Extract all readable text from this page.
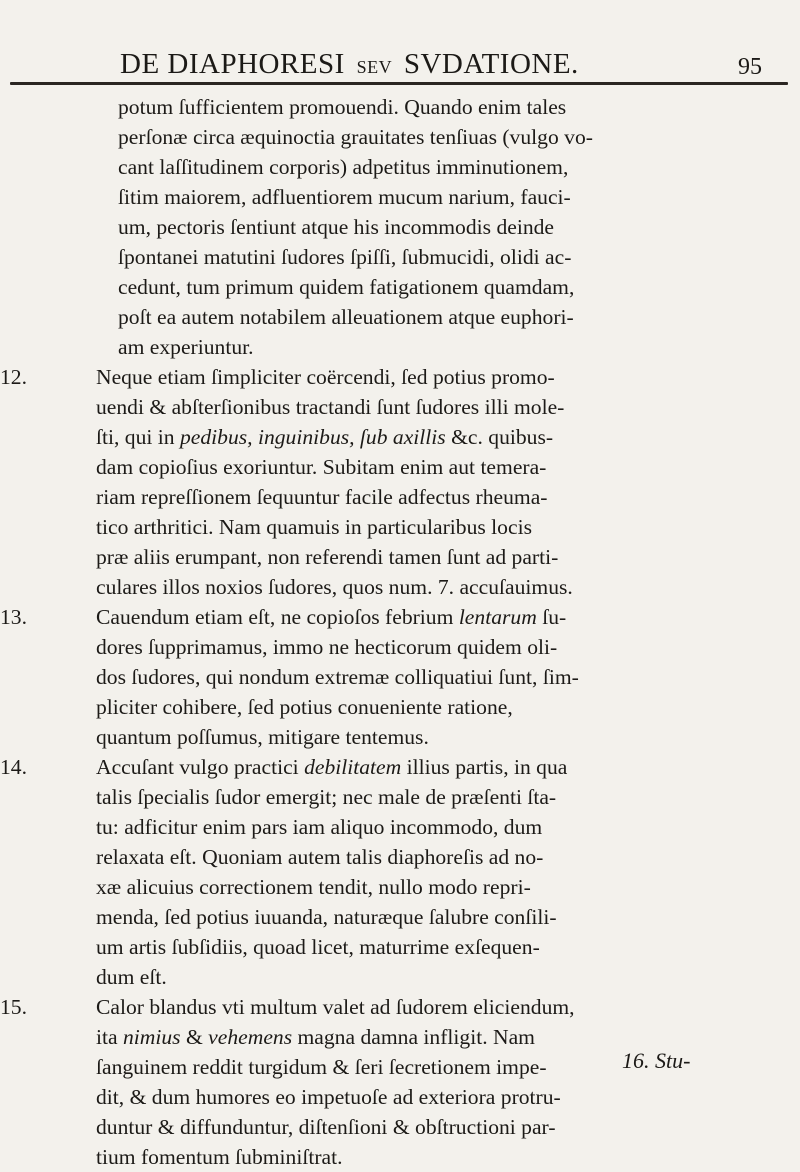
DE DIAPHORESI SEV SVDATIONE.	95
potum ſufficientem promouendi. Quando enim tales
perſonæ circa æquinoctia grauitates tenſiuas (vulgo vo-
cant laſſitudinem corporis) adpetitus imminutionem,
ſitim maiorem, adfluentiorem mucum narium, fauci-
um, pectoris ſentiunt atque his incommodis deinde
ſpontanei matutini ſudores ſpiſſi, ſubmucidi, olidi ac-
cedunt, tum primum quidem fatigationem quamdam,
poſt ea autem notabilem alleuationem atque euphori-
am experiuntur.
12.	Neque etiam ſimpliciter coërcendi, ſed potius promo-
uendi & abſterſionibus tractandi ſunt ſudores illi mole-
ſti, qui in pedibus, inguinibus, ſub axillis &c. quibus-
dam copioſius exoriuntur. Subitam enim aut temera-
riam repreſſionem ſequuntur facile adfectus rheuma-
tico arthritici. Nam quamuis in particularibus locis
præ aliis erumpant, non referendi tamen ſunt ad parti-
culares illos noxios ſudores, quos num. 7. accuſauimus.
13.	Cauendum etiam eſt, ne copioſos febrium lentarum ſu-
dores ſupprimamus, immo ne hecticorum quidem oli-
dos ſudores, qui nondum extremæ colliquatiui ſunt, ſim-
pliciter cohibere, ſed potius conueniente ratione,
quantum poſſumus, mitigare tentemus.
14.	Accuſant vulgo practici debilitatem illius partis, in qua
talis ſpecialis ſudor emergit; nec male de præſenti ſta-
tu: adficitur enim pars iam aliquo incommodo, dum
relaxata eſt. Quoniam autem talis diaphoreſis ad no-
xæ alicuius correctionem tendit, nullo modo repri-
menda, ſed potius iuuanda, naturæque ſalubre conſili-
um artis ſubſidiis, quoad licet, maturrime exſequen-
dum eſt.
15.	Calor blandus vti multum valet ad ſudorem eliciendum,
ita nimius & vehemens magna damna infligit. Nam
ſanguinem reddit turgidum & ſeri ſecretionem impe-
dit, & dum humores eo impetuoſe ad exteriora protru-
duntur & diffunduntur, diſtenſioni & obſtructioni par-
tium fomentum ſubminiſtrat.
16. Stu-
